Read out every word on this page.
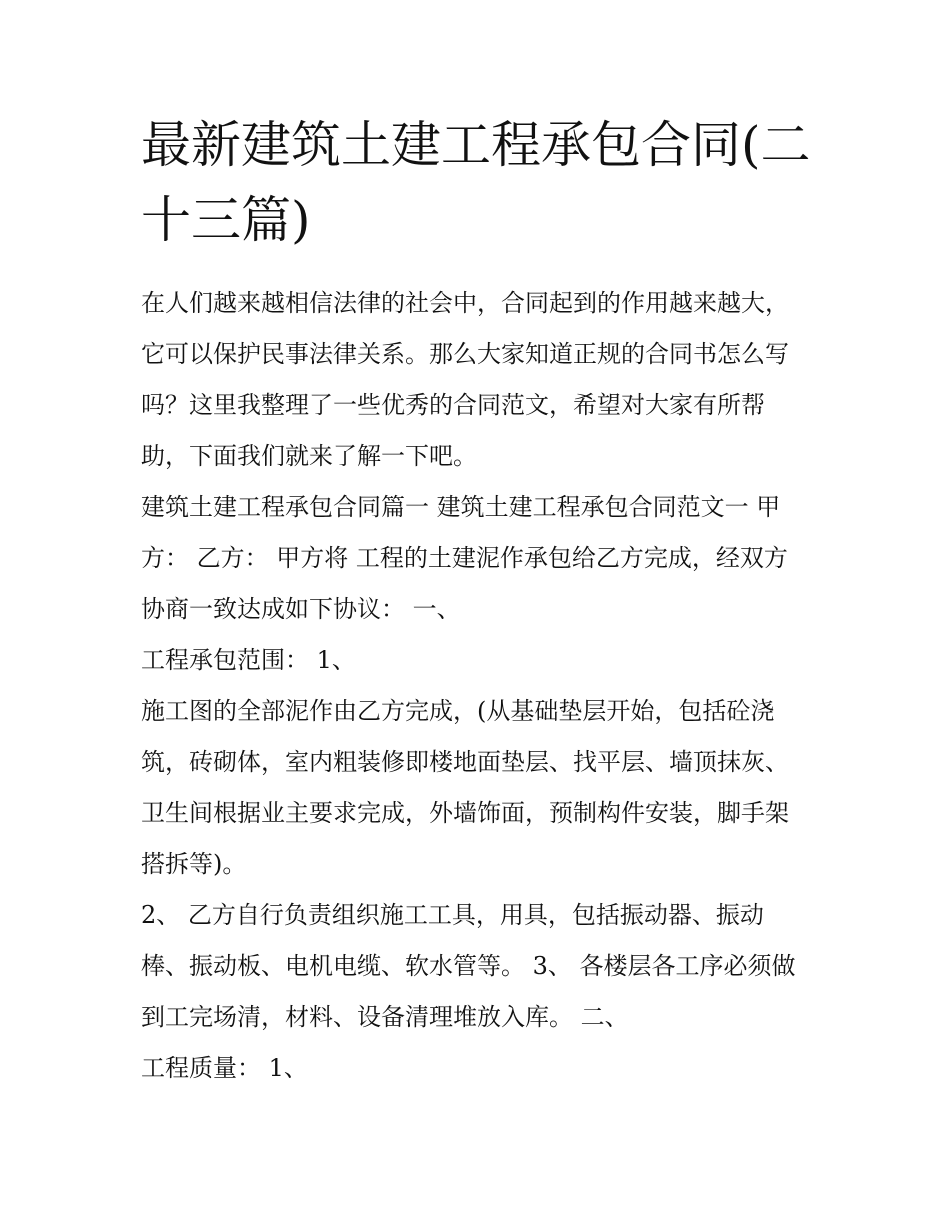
最新建筑土建工程承包合同(二
十三篇)

在人们越来越相信法律的社会中，合同起到的作用越来越大，
它可以保护民事法律关系。那么大家知道正规的合同书怎么写
吗？这里我整理了一些优秀的合同范文，希望对大家有所帮
助，下面我们就来了解一下吧。

建筑土建工程承包合同篇一 建筑土建工程承包合同范文一 甲
方： 乙方： 甲方将 工程的土建泥作承包给乙方完成，经双方
协商一致达成如下协议： 一、

工程承包范围： 1、

施工图的全部泥作由乙方完成，(从基础垫层开始，包括砼浇
筑，砖砌体，室内粗装修即楼地面垫层、找平层、墙顶抹灰、
卫生间根据业主要求完成，外墙饰面，预制构件安装，脚手架
搭拆等)。

2、 乙方自行负责组织施工工具，用具，包括振动器、振动
棒、振动板、电机电缆、软水管等。 3、 各楼层各工序必须做
到工完场清，材料、设备清理堆放入库。 二、

工程质量： 1、
